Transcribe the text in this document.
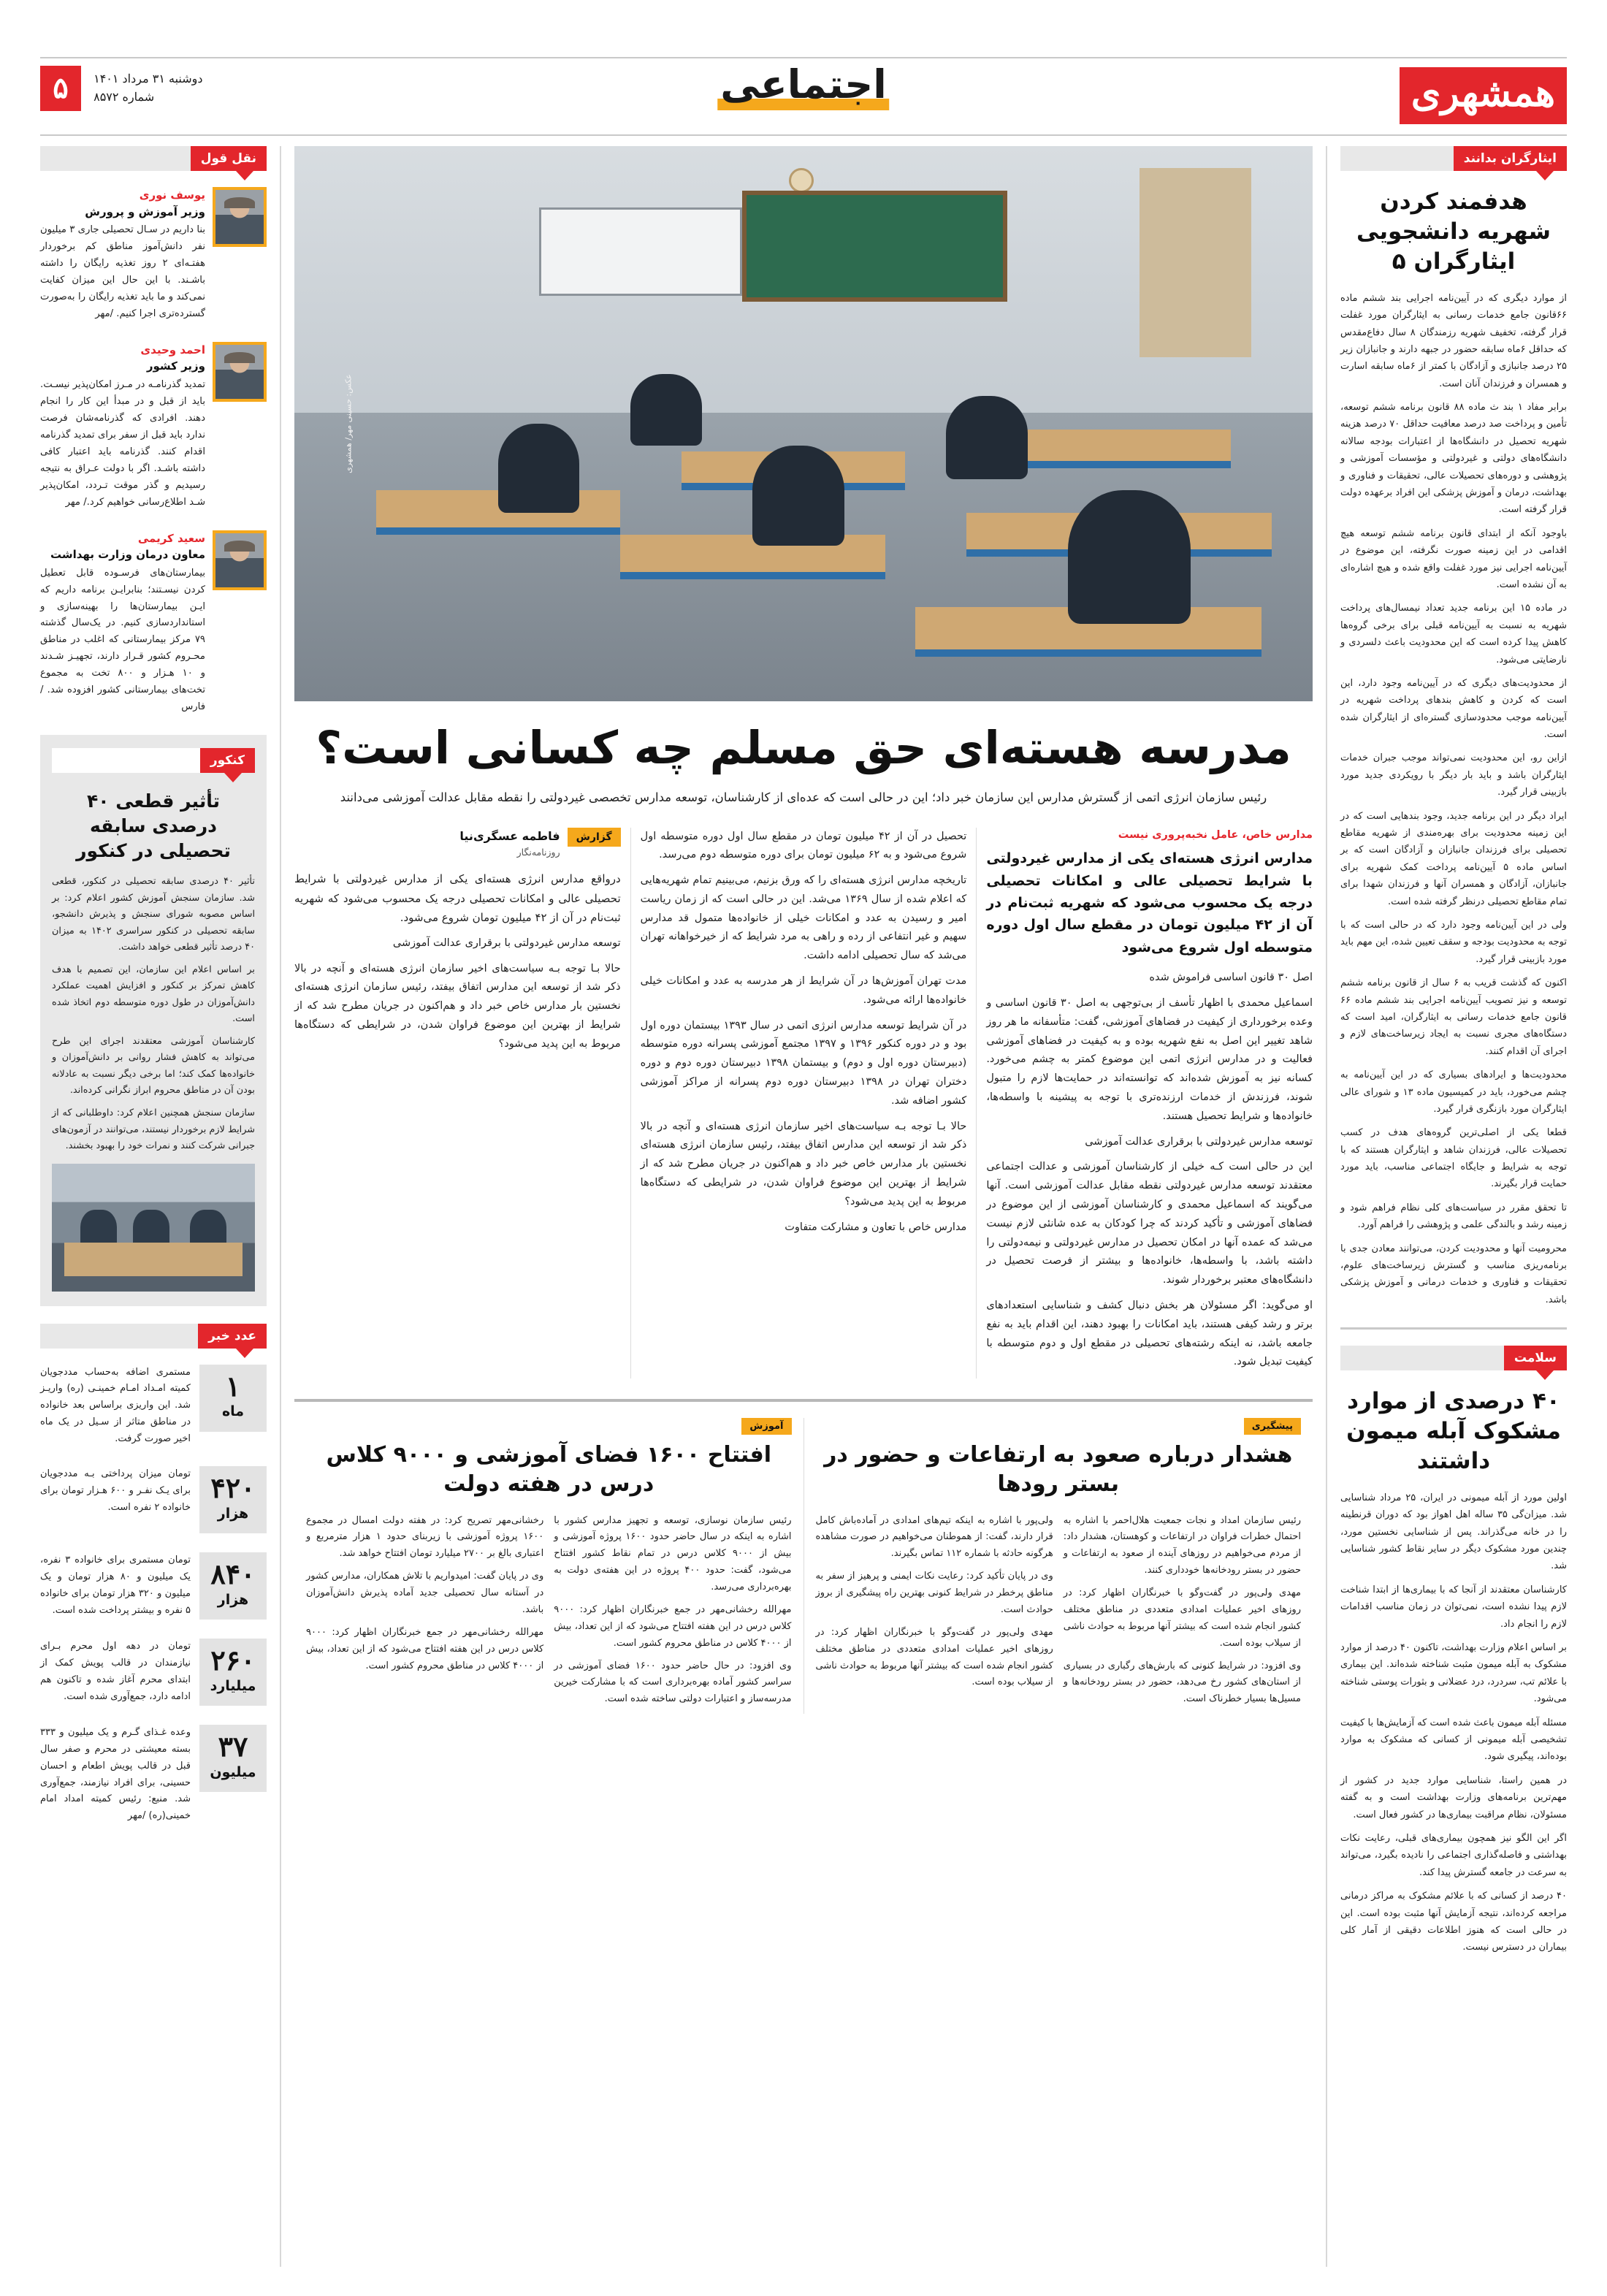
همشهری
اجتماعی
دوشنبه ۳۱ مرداد ۱۴۰۱
شماره ۸۵۷۲
۵
ایثارگران بدانند
هدفمند کردن شهریه دانشجویی ایثارگران ۵

از موارد دیگری که در آیین‌نامه اجرایی بند ششم ماده ۶۶قانون جامع خدمات رسانی به ایثارگران مورد غفلت قرار گرفته، تخفیف شهریه رزمندگان ۸ سال دفاع‌مقدس که حداقل ۶ماه سابقه حضور در جبهه دارند و جانبازان زیر ۲۵ درصد جانبازی و آزادگان با کمتر از ۶ماه سابقه اسارت و همسران و فرزندان آنان است.

برابر مفاد ۱ بند ث ماده ۸۸ قانون برنامه ششم توسعه، تأمین و پرداخت صد درصد معافیت حداقل ۷۰ درصد هزینه شهریه تحصیل در دانشگاه‌ها از اعتبارات بودجه سالانه دانشگاه‌های دولتی و غیردولتی و مؤسسات آموزشی و پژوهشی و دوره‌های تحصیلات عالی، تحقیقات و فناوری و بهداشت، درمان و آموزش پزشکی این افراد برعهده دولت قرار گرفته است.

باوجود آنکه از ابتدای قانون برنامه ششم توسعه هیچ اقدامی در این زمینه صورت نگرفته، این موضوع در آیین‌نامه اجرایی نیز مورد غفلت واقع شده و هیچ اشاره‌ای به آن نشده است.

در ماده ۱۵ این برنامه جدید تعداد نیمسال‌های پرداخت شهریه به نسبت به آیین‌نامه قبلی برای برخی گروه‌ها کاهش پیدا کرده است که این محدودیت باعث دلسردی و نارضایتی می‌شود.

از محدودیت‌های دیگری که در آیین‌نامه وجود دارد، این است که کردن و کاهش بندهای پرداخت شهریه در آیین‌نامه موجب محدودسازی گستره‌ای از ایثارگران شده است.

ازاین رو، این محدودیت نمی‌تواند موجب جبران خدمات ایثارگران باشد و باید بار دیگر با رویکردی جدید مورد بازبینی قرار گیرد.

ایراد دیگر در این برنامه جدید، وجود بندهایی است که در این زمینه محدودیت برای بهره‌مندی از شهریه مقاطع تحصیلی برای فرزندان جانبازان و آزادگان است که بر اساس ماده ۵ آیین‌نامه پرداخت کمک شهریه برای جانبازان، آزادگان و همسران آنها و فرزندان شهدا برای تمام مقاطع تحصیلی درنظر گرفته شده است.

ولی در این آیین‌نامه وجود دارد که در حالی است که با توجه به محدودیت بودجه و سقف تعیین شده، این مهم باید مورد بازبینی قرار گیرد.

اکنون که گذشت قریب به ۶ سال از قانون برنامه ششم توسعه و نیز تصویب آیین‌نامه اجرایی بند ششم ماده ۶۶ قانون جامع خدمات رسانی به ایثارگران، امید است که دستگاه‌های مجری نسبت به ایجاد زیرساخت‌های لازم و اجرای آن اقدام کنند.

محدودیت‌ها و ایرادهای بسیاری که در این آیین‌نامه به چشم می‌خورد، باید در کمیسیون ماده ۱۳ و شورای عالی ایثارگران مورد بازنگری قرار گیرد.

قطعا یکی از اصلی‌ترین گروه‌های هدف در کسب تحصیلات عالی، فرزندان شاهد و ایثارگران هستند که با توجه به شرایط و جایگاه اجتماعی مناسب، باید مورد حمایت قرار بگیرند.

تا تحقق مقرر در سیاست‌های کلی نظام فراهم شود و زمینه رشد و بالندگی علمی و پژوهشی را فراهم آورد.

محرومیت آنها و محدودیت کردن، می‌توانند معادن جدی با برنامه‌ریزی مناسب و گسترش زیرساخت‌های علوم، تحقیقات و فناوری و خدمات درمانی و آموزش پزشکی باشد.

سلامت
۴۰ درصدی از موارد مشکوک آبله میمون داشتند

اولین مورد از آبله میمونی در ایران، ۲۵ مرداد شناسایی شد. میزان‌گی ۳۵ ساله اهل اهواز بود که دوران قرنطینه را در خانه می‌گذراند. پس از شناسایی نخستین مورد، چندین مورد مشکوک دیگر در سایر نقاط کشور شناسایی شد.

کارشناسان معتقدند از آنجا که با بیماری‌ها از ابتدا شناخت لازم پیدا نشده است، نمی‌توان در زمان مناسب اقدامات لازم را انجام داد.

بر اساس اعلام وزارت بهداشت، تاکنون ۴۰ درصد از موارد مشکوک به آبله میمون مثبت شناخته شده‌اند. این بیماری با علائم تب، سردرد، درد عضلانی و بثورات پوستی شناخته می‌شود.

مسئله آبله میمون باعث شده است که آزمایش‌ها با کیفیت تشخیصی آبله میمونی از کسانی که مشکوک به موارد بوده‌اند، پیگیری شود.

در همین راستا، شناسایی موارد جدید در کشور از مهم‌ترین برنامه‌های وزارت بهداشت است و به گفته مسئولان، نظام مراقبت بیماری‌ها در کشور فعال است.

اگر این الگو نیز همچون بیماری‌های قبلی، رعایت نکات بهداشتی و فاصله‌گذاری اجتماعی را نادیده بگیرد، می‌تواند به سرعت در جامعه گسترش پیدا کند.

۴۰ درصد از کسانی که با علائم مشکوک به مراکز درمانی مراجعه کرده‌اند، نتیجه آزمایش آنها مثبت بوده است. این در حالی است که هنوز اطلاعات دقیقی از آمار کلی بیماران در دسترس نیست.

عکس: حسینی مهر/ همشهری
مدرسه هسته‌ای حق مسلم چه کسانی است؟

رئیس سازمان انرژی اتمی از گسترش مدارس این سازمان خبر داد؛ این در حالی است که عده‌ای از کارشناسان، توسعه مدارس تخصصی غیردولتی را نقطه مقابل عدالت آموزشی می‌دانند

مدارس خاص، عامل نخبه‌پروری نیست

مدارس انرژی هسته‌ای یکی از مدارس غیردولتی با شرایط تحصیلی عالی و امکانات تحصیلی درجه یک محسوب می‌شود که شهریه ثبت‌نام در آن از ۴۲ میلیون تومان در مقطع سال اول دوره متوسطه اول شروع می‌شود

اصل ۳۰ قانون اساسی فراموش شده

اسماعیل محمدی با اظهار تأسف از بی‌توجهی به اصل ۳۰ قانون اساسی و وعده برخورداری از کیفیت در فضاهای آموزشی، گفت: متأسفانه ما هر روز شاهد تغییر این اصل به نفع شهریه بوده و به کیفیت در فضاهای آموزشی فعالیت و در مدارس انرژی اتمی این موضوع کمتر به چشم می‌خورد. کسانه نیز به آموزش شده‌اند که توانسته‌اند در حمایت‌ها لازم را متبول شوند، فرزندش از خدمات ارزنده‌تری با توجه به پیشینه با واسطه‌ها، خانواده‌ها و شرایط تحصیل هستند.

توسعه مدارس غیردولتی با برقراری عدالت آموزشی

این در حالی است کـه خیلی از کارشناسان آموزشی و عدالت اجتماعی معتقدند توسعه مدارس غیردولتی نقطه مقابل عدالت آموزشی است. آنها می‌گویند که اسماعیل محمدی و کارشناسان آموزشی از این موضوع در فضاهای آموزشی و تأکید کردند که چرا کودکان به عده شانئی لازم نیست می‌شد که عمده آنها در امکان تحصیل در مدارس غیردولتی و نیمه‌دولتی را داشته باشد، با واسطه‌ها، خانواده‌ها و بیشتر از فرصت تحصیل در دانشگاه‌های معتبر برخوردار شوند.

او می‌گوید: اگر مسئولان هر بخش دنبال کشف و شناسایی استعدادهای برتر و رشد کیفی هستند، باید امکانات را بهبود دهند، این اقدام باید به نفع جامعه باشد، نه اینکه رشته‌های تحصیلی در مقطع اول و دوم متوسطه با کیفیت تبدیل شود.

تحصیل در آن از ۴۲ میلیون تومان در مقطع سال اول دوره متوسطه اول شروع می‌شود و به ۶۲ میلیون تومان برای دوره متوسطه دوم می‌رسد.

تاریخچه مدارس انرژی هسته‌ای را که ورق بزنیم، می‌بینیم تمام شهریه‌هایی که اعلام شده از سال ۱۳۶۹ می‌شد. این در حالی است که از زمان ریاست امیر و رسیدن به عدد و امکانات خیلی از خانواده‌ها متمول قد مدارس سهیم و غیر انتفاعی از رده و راهی به مرد شرایط که از خیرخواهانه تهران می‌شد که سال تحصیلی ادامه داشت.

مدت تهران آموزش‌ها در آن شرایط از هر مدرسه به عدد و امکانات خیلی خانواده‌ها ارائه می‌شود.

در آن شرایط توسعه مدارس انرژی اتمی در سال ۱۳۹۳ بیستمان دوره اول بود و در دوره کنکور ۱۳۹۶ و ۱۳۹۷ مجتمع آموزشی پسرانه دوره متوسطه (دبیرستان دوره اول و دوم) و بیستمان ۱۳۹۸ دبیرستان دوره دوم و دوره دختران تهران در ۱۳۹۸ دبیرستان دوره دوم پسرانه از مراکز آموزشی کشور اضافه شد.

حالا بـا توجه بـه سیاست‌های اخیر سازمان انرژی هسته‌ای و آنچه در بالا ذکر شد از توسعه این مدارس اتفاق بیفتد، رئیس سازمان انرژی هسته‌ای نخستین بار مدارس خاص خبر داد و هم‌اکنون در جریان مطرح شد که از شرایط از بهترین این موضوع فراوان شدن، در شرایطی که دستگاه‌ها مربوط به این پدید می‌شود؟

مدارس خاص با تعاون و مشارکت متفاوت

گزارش
فاطمه عسگری‌نیا
روزنامه‌نگار

درواقع مدارس انرژی هسته‌ای یکی از مدارس غیردولتی با شرایط تحصیلی عالی و امکانات تحصیلی درجه یک محسوب می‌شود که شهریه ثبت‌نام در آن از ۴۲ میلیون تومان شروع می‌شود.

توسعه مدارس غیردولتی با برقراری عدالت آموزشی

حالا بـا توجه بـه سیاست‌های اخیر سازمان انرژی هسته‌ای و آنچه در بالا ذکر شد از توسعه این مدارس اتفاق بیفتد، رئیس سازمان انرژی هسته‌ای نخستین بار مدارس خاص خبر داد و هم‌اکنون در جریان مطرح شد که از شرایط از بهترین این موضوع فراوان شدن، در شرایطی که دستگاه‌ها مربوط به این پدید می‌شود؟

پیشگیری
هشدار درباره صعود به ارتفاعات و حضور در بستر رودها

رئیس سازمان امداد و نجات جمعیت هلال‌احمر با اشاره به احتمال خطرات فراوان در ارتفاعات و کوهستان، هشدار داد: از مردم می‌خواهیم در روزهای آینده از صعود به ارتفاعات و حضور در بستر رودخانه‌ها خودداری کنند.

مهدی ولی‌پور در گفت‌وگو با خبرنگاران اظهار کرد: در روزهای اخیر عملیات امدادی متعددی در مناطق مختلف کشور انجام شده است که بیشتر آنها مربوط به حوادث ناشی از سیلاب بوده است.

وی افزود: در شرایط کنونی که بارش‌های رگباری در بسیاری از استان‌های کشور رخ می‌دهد، حضور در بستر رودخانه‌ها و مسیل‌ها بسیار خطرناک است.

ولی‌پور با اشاره به اینکه تیم‌های امدادی در آماده‌باش کامل قرار دارند، گفت: از هموطنان می‌خواهیم در صورت مشاهده هرگونه حادثه با شماره ۱۱۲ تماس بگیرند.

وی در پایان تأکید کرد: رعایت نکات ایمنی و پرهیز از سفر به مناطق پرخطر در شرایط کنونی بهترین راه پیشگیری از بروز حوادث است.

مهدی ولی‌پور در گفت‌وگو با خبرنگاران اظهار کرد: در روزهای اخیر عملیات امدادی متعددی در مناطق مختلف کشور انجام شده است که بیشتر آنها مربوط به حوادث ناشی از سیلاب بوده است.

آموزش
افتتاح ۱۶۰۰ فضای آموزشی و ۹۰۰۰ کلاس درس در هفته دولت

رئیس سازمان نوسازی، توسعه و تجهیز مدارس کشور با اشاره به اینکه در سال حاضر حدود ۱۶۰۰ پروژه آموزشی و بیش از ۹۰۰۰ کلاس درس در تمام نقاط کشور افتتاح می‌شود، گفت: حدود ۴۰۰ پروژه در این هفته‌ی دولت به بهره‌برداری می‌رسد.

مهرالله رخشانی‌مهر در جمع خبرنگاران اظهار کرد: ۹۰۰۰ کلاس درس در این هفته افتتاح می‌شود که از این تعداد، بیش از ۴۰۰۰ کلاس در مناطق محروم کشور است.

وی افزود: در حال حاضر حدود ۱۶۰۰ فضای آموزشی در سراسر کشور آماده بهره‌برداری است که با مشارکت خیرین مدرسه‌ساز و اعتبارات دولتی ساخته شده است.

رخشانی‌مهر تصریح کرد: در هفته دولت امسال در مجموع ۱۶۰۰ پروژه آموزشی با زیربنای حدود ۱ هزار مترمربع و اعتباری بالغ بر ۲۷۰۰ میلیارد تومان افتتاح خواهد شد.

وی در پایان گفت: امیدواریم با تلاش همکاران، مدارس کشور در آستانه سال تحصیلی جدید آماده پذیرش دانش‌آموزان باشد.

مهرالله رخشانی‌مهر در جمع خبرنگاران اظهار کرد: ۹۰۰۰ کلاس درس در این هفته افتتاح می‌شود که از این تعداد، بیش از ۴۰۰۰ کلاس در مناطق محروم کشور است.

نقل قول
یوسف نوری
وزیر آموزش و پرورش
بنا داریم در سـال تحصیلی جاری ۳ میلیون نفر دانش‌آموز مناطق کم برخوردار هفتـه‌ای ۲ روز تغذیه رایگان را داشته باشـند. با این حال این میزان کفایت نمی‌کند و ما باید تغذیه رایگان را به‌صورت گسترده‌تری اجرا کنیم. /مهر
احمد وحیدی
وزیر کشور
تمدید گذرنامـه در مـرز امکان‌پذیر نیسـت. باید از قبل و در مبدأ این کار را انجام دهند. افرادی که گذرنامه‌شان فرصت ندارد باید قبل از سفر برای تمدید گذرنامه اقدام کنند. گذرنامه باید اعتبار کافی داشته باشـد. اگر با دولت عـراق به نتیجه رسیدیم و گذر موقت تـردد، امکان‌پذیر شـد اطلاع‌رسانی خواهیم کرد./ مهر
سعید کریمی
معاون درمان وزارت بهداشت
بیمارستان‌های فرسـوده قابل تعطیل کردن نیسـتند؛ بنابرایـن برنامه داریم که ایـن بیمارستان‌ها را بهینه‌سازی و استانداردسازی کنیم. در یک‌سال گذشته ۷۹ مرکز بیمارستانی که اغلب در مناطق محـروم کشور قـرار دارند، تجهیـز شـدند و ۱۰ هـزار و ۸۰۰ تخت به مجموع تخت‌های بیمارستانی کشور افزوده شد. /فارس
کنکور
تأثیر قطعی ۴۰ درصدی سابقه تحصیلی در کنکور

تأثیر ۴۰ درصدی سابقه تحصیلی در کنکور، قطعی شد. سازمان سنجش آموزش کشور اعلام کرد: بر اساس مصوبه شورای سنجش و پذیرش دانشجو، سابقه تحصیلی در کنکور سراسری ۱۴۰۲ به میزان ۴۰ درصد تأثیر قطعی خواهد داشت.

بر اساس اعلام این سازمان، این تصمیم با هدف کاهش تمرکز بر کنکور و افزایش اهمیت عملکرد دانش‌آموزان در طول دوره متوسطه دوم اتخاذ شده است.

کارشناسان آموزشی معتقدند اجرای این طرح می‌تواند به کاهش فشار روانی بر دانش‌آموزان و خانواده‌ها کمک کند؛ اما برخی دیگر نسبت به عادلانه بودن آن در مناطق محروم ابراز نگرانی کرده‌اند.

سازمان سنجش همچنین اعلام کرد: داوطلبانی که از شرایط لازم برخوردار نیستند، می‌توانند در آزمون‌های جبرانی شرکت کنند و نمرات خود را بهبود بخشند.

عدد خبر
۱
ماه
مستمری اضافه به‌حساب مددجویان کمیته امـداد امـام خمینـی (ره) واریـز شد. این واریزی براساس بعد خانواده در مناطق متاثر از سـیل در یک ماه اخیر صورت گرفت.
۴۲۰
هزار
تومان میزان پرداختی بـه مددجویان برای یـک نفـر و ۶۰۰ هـزار تومان برای خانواده ۲ نفره است.
۸۴۰
هزار
تومان مستمری برای خانواده ۳ نفره، یک میلیون و ۸۰ هزار تومان و یک میلیون و ۳۲۰ هزار تومان برای خانواده ۵ نفره و بیشتر پرداخت شده است.
۲۶۰
میلیارد
تومان در دهه اول محرم بـرای نیازمندان در قالب پویش کمک از ابتدای محرم آغاز شده و تاکنون هم ادامه دارد، جمع‌آوری شده است.
۳۷
میلیون
وعده غـذای گـرم و یک میلیون و ۳۳۳ بسته معیشتی در محرم و صفر سال قبل در قالب پویش اطعام و احسان حسینی، برای افراد نیازمند، جمع‌آوری شد. منبع: رئیس کمیته امداد امام خمینی(ره) /مهر
